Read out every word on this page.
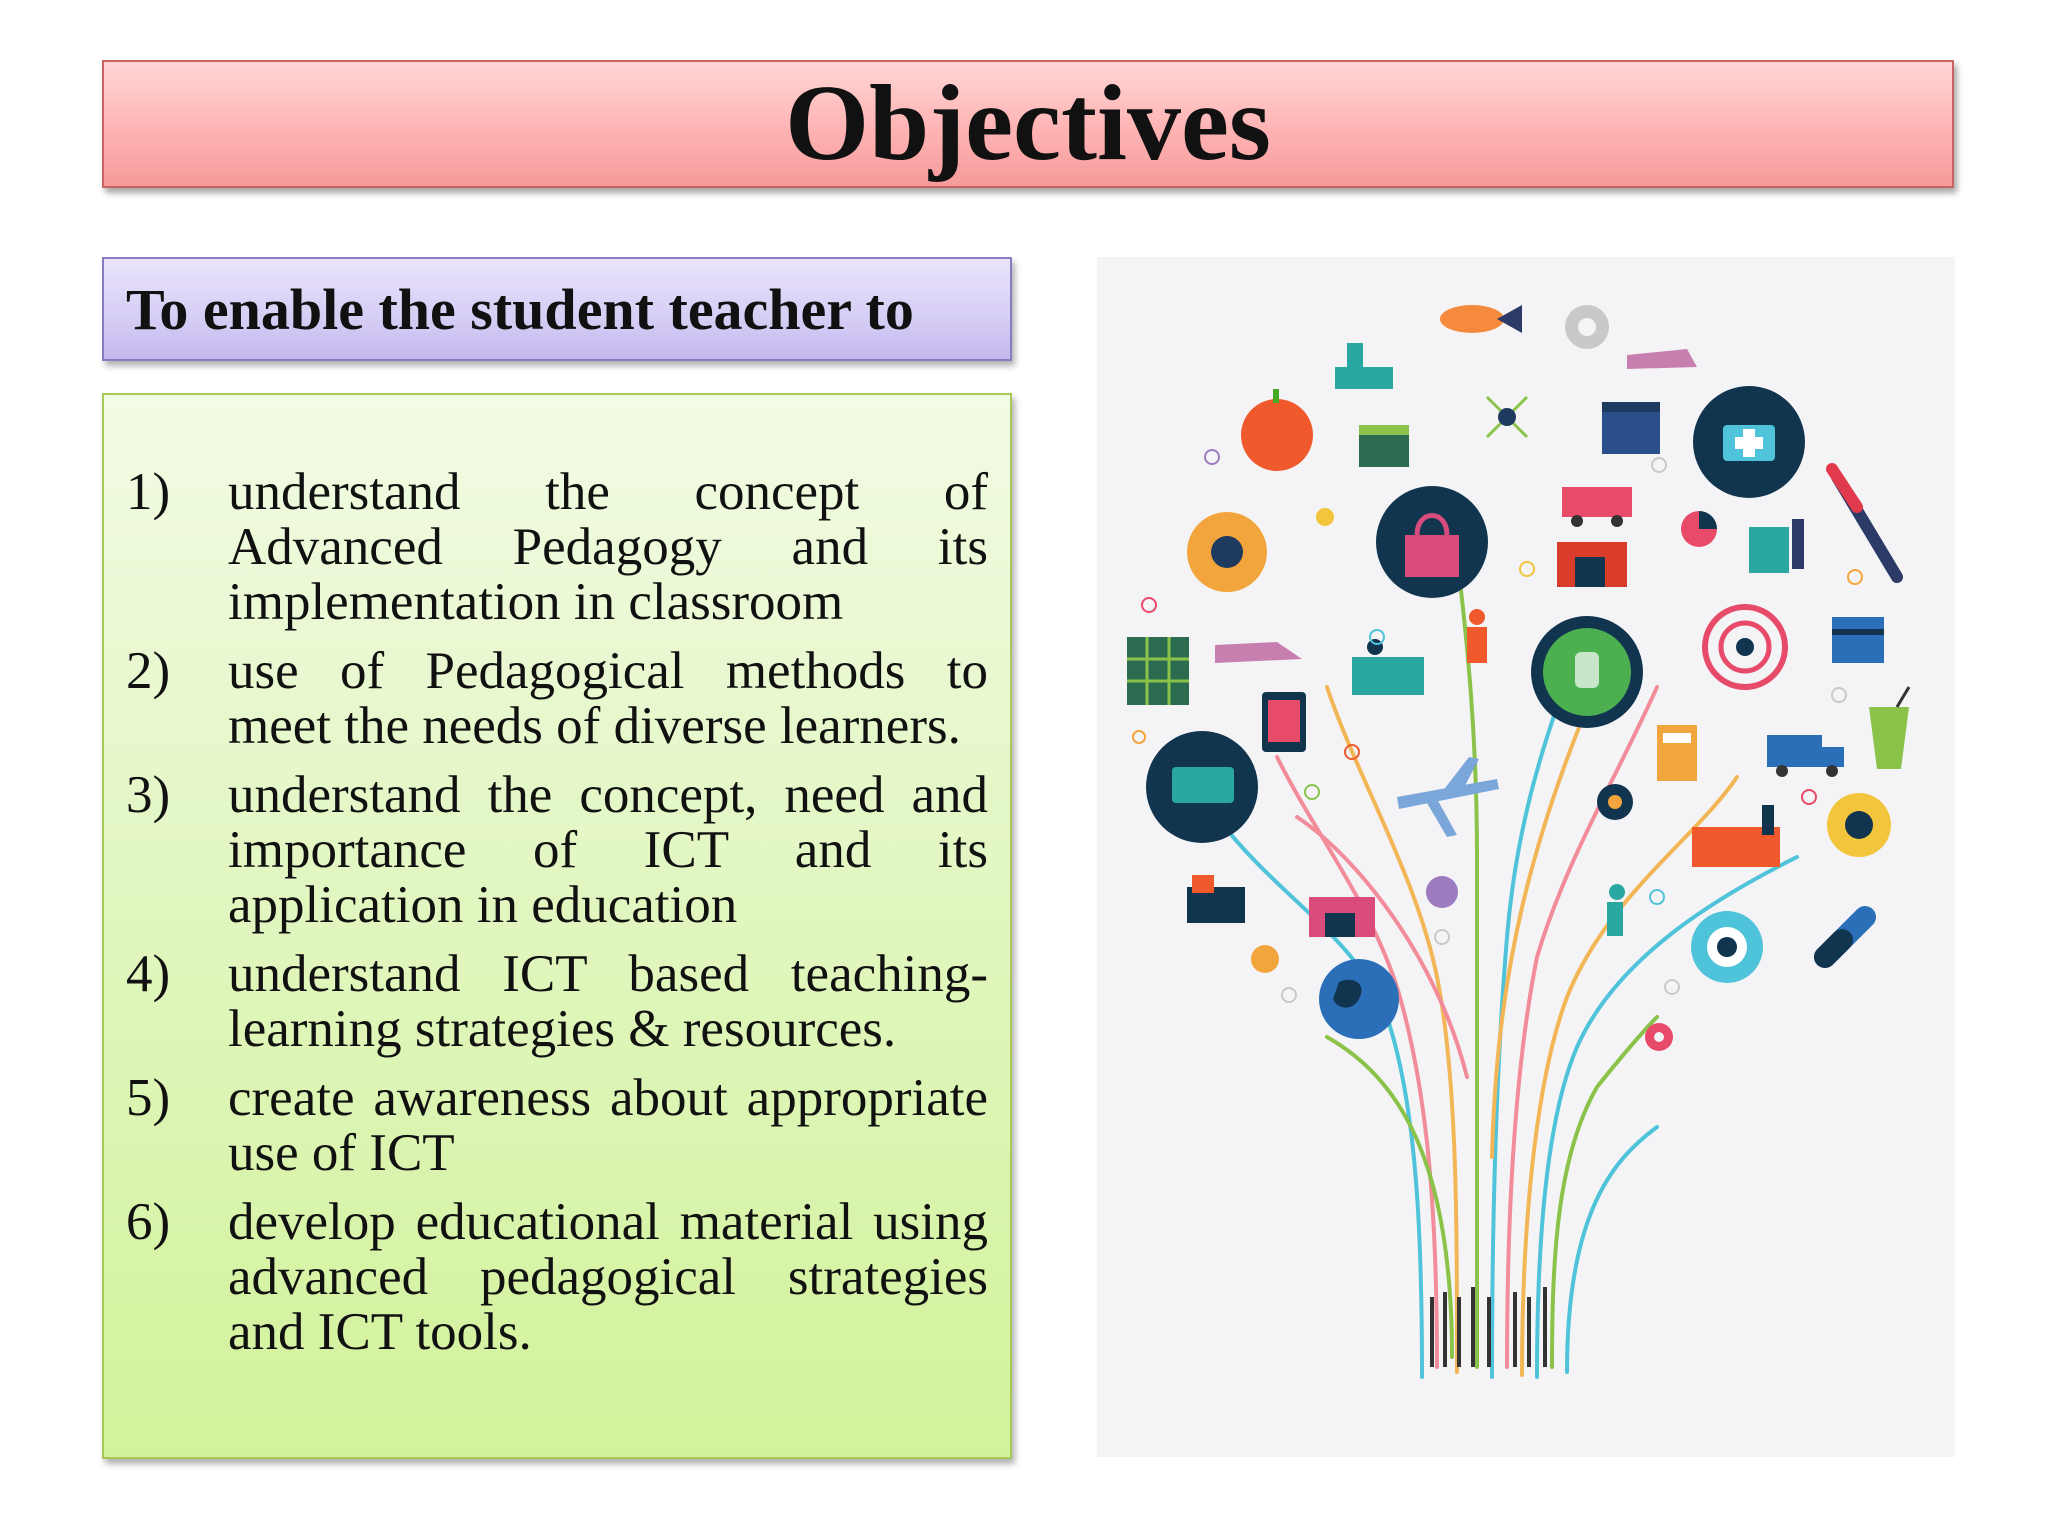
Objectives
To enable the student teacher to
1)	understand the concept of Advanced Pedagogy and its implementation in classroom
2)	use of Pedagogical methods to meet the needs of diverse learners.
3)	understand the concept, need and importance of ICT and its application in education
4)	understand ICT based teaching-learning strategies & resources.
5)	create awareness about appropriate use of ICT
6)	develop educational material using advanced pedagogical strategies and ICT tools.
